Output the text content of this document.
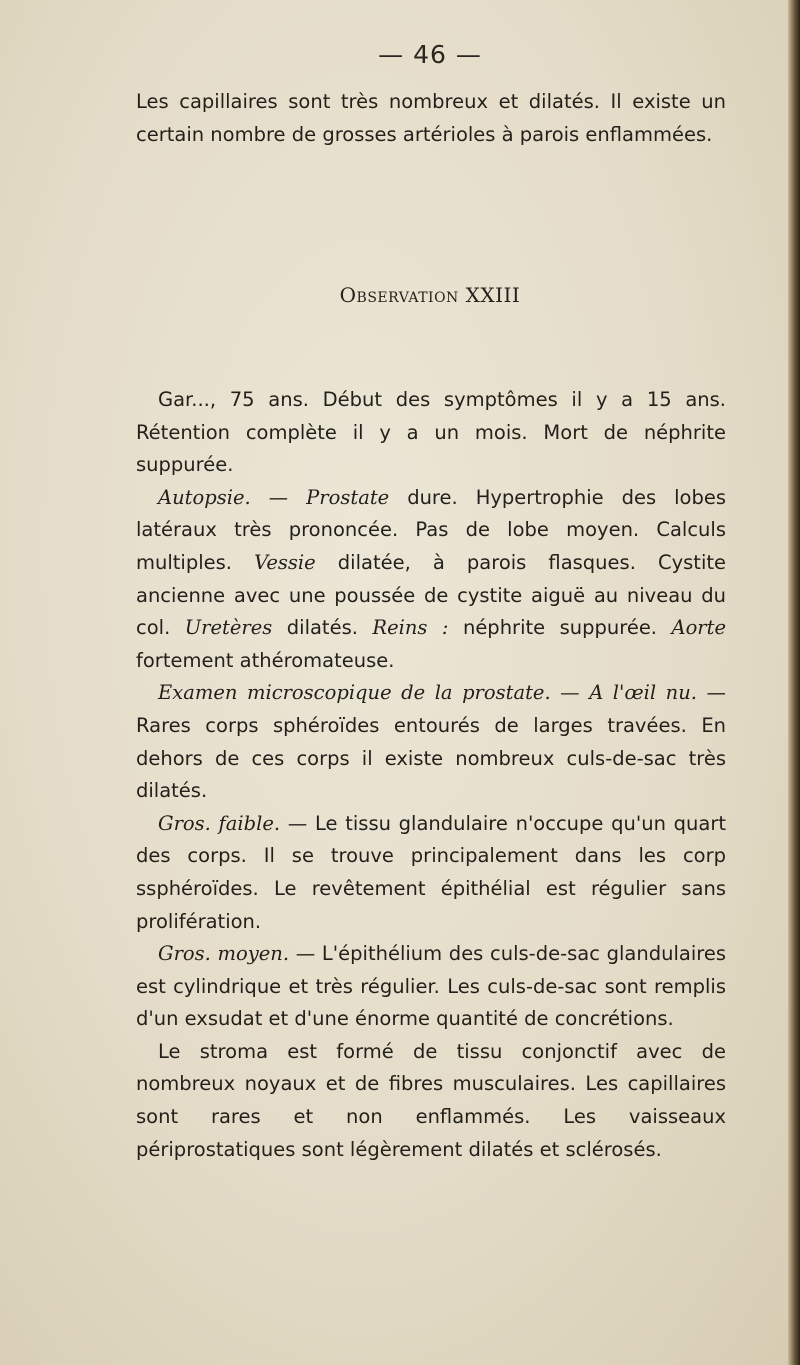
— 46 —

Les capillaires sont très nombreux et dilatés. Il existe un certain nombre de grosses artérioles à parois enflammées.

Observation XXIII

Gar..., 75 ans. Début des symptômes il y a 15 ans. Rétention complète il y a un mois. Mort de néphrite suppurée.

Autopsie. — Prostate dure. Hypertrophie des lobes latéraux très prononcée. Pas de lobe moyen. Calculs multiples. Vessie dilatée, à parois flasques. Cystite ancienne avec une poussée de cystite aiguë au niveau du col. Uretères dilatés. Reins : néphrite suppurée. Aorte fortement athéromateuse.

Examen microscopique de la prostate. — A l'œil nu. — Rares corps sphéroïdes entourés de larges travées. En dehors de ces corps il existe nombreux culs-de-sac très dilatés.

Gros. faible. — Le tissu glandulaire n'occupe qu'un quart des corps. Il se trouve principalement dans les corp ssphéroïdes. Le revêtement épithélial est régulier sans prolifération.

Gros. moyen. — L'épithélium des culs-de-sac glandulaires est cylindrique et très régulier. Les culs-de-sac sont remplis d'un exsudat et d'une énorme quantité de concrétions.

Le stroma est formé de tissu conjonctif avec de nombreux noyaux et de fibres musculaires. Les capillaires sont rares et non enflammés. Les vaisseaux périprostatiques sont légèrement dilatés et sclérosés.
